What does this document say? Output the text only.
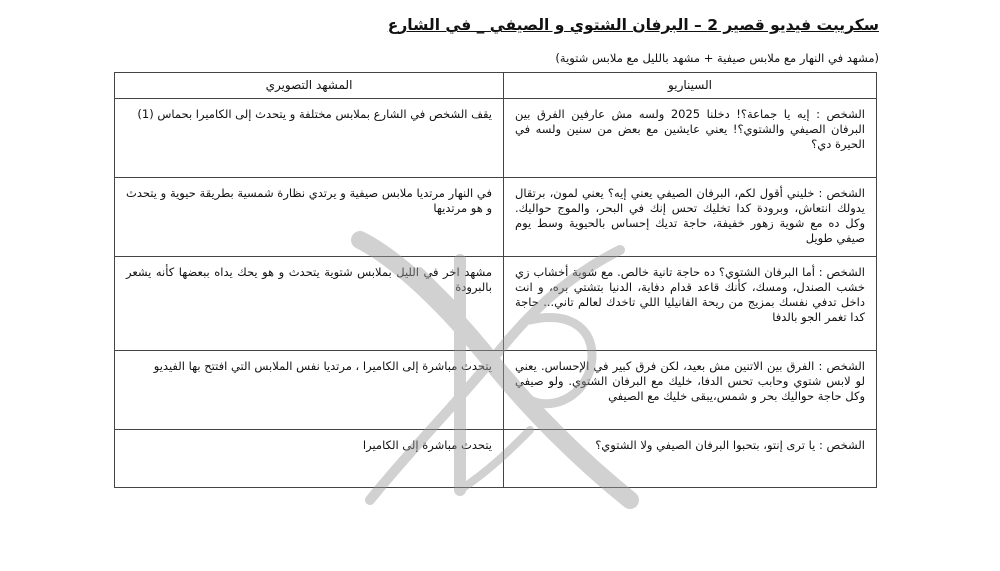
سكريبت فيديو قصير 2 – البرفان الشتوي و الصيفي _ في الشارع
(مشهد في النهار مع ملابس صيفية + مشهد بالليل مع ملابس شتوية)
السيناريو	المشهد التصويري
الشخص : إيه يا جماعة؟! دخلنا 2025 ولسه مش عارفين الفرق بين البرفان الصيفي والشتوي؟! يعني عايشين مع بعض من سنين ولسه في الحيرة دي؟	يقف الشخص في الشارع بملابس مختلفة و يتحدث إلى الكاميرا بحماس (1)
الشخص : خليني أقول لكم، البرفان الصيفي يعني إيه؟ يعني لمون، برتقال يدولك انتعاش، وبرودة كدا تخليك تحس إنك في البحر، والموج حواليك. وكل ده مع شوية زهور خفيفة، حاجة تديك إحساس بالحيوية وسط يوم صيفي طويل	في النهار مرتديا ملابس صيفية و يرتدي نظارة شمسية بطريقة حيوية و يتحدث و هو مرتديها
الشخص : أما البرفان الشتوي؟ ده حاجة تانية خالص. مع شوية أخشاب زي خشب الصندل، ومسك، كأنك قاعد قدام دفاية، الدنيا بتشتي بره، و انت داخل تدفي نفسك بمزيج من ريحة الفانيليا اللي تاخدك لعالم تاني... حاجة كدا تغمر الجو بالدفا	مشهد اخر في الليل بملابس شتوية يتحدث و هو يحك يداه ببعضها كأنه يشعر بالبرودة
الشخص : الفرق بين الاتنين مش بعيد، لكن فرق كبير في الإحساس. يعني لو لابس شتوي وحابب تحس الدفا، خليك مع البرفان الشتوي. ولو صيفي وكل حاجة حواليك بحر و شمس،يبقى خليك مع الصيفي	يتحدث مباشرة إلى الكاميرا ، مرتديا نفس الملابس التي افتتح بها الفيديو
الشخص : يا ترى إنتو، بتحبوا البرفان الصيفي ولا الشتوي؟	يتحدث مباشرة إلى الكاميرا
